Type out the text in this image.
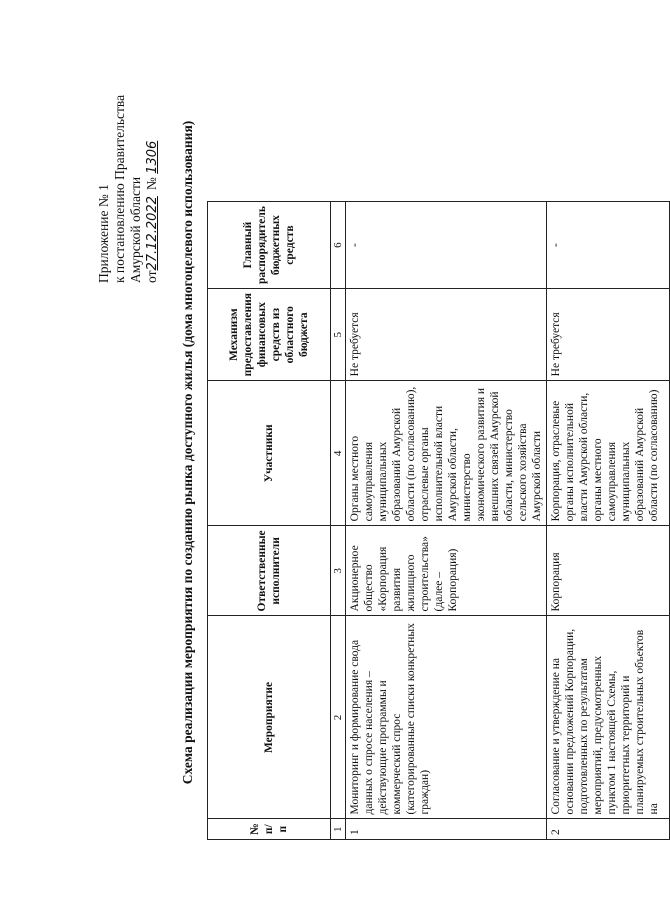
Приложение № 1 к постановлению Правительства Амурской области от27.12.2022№ 1306 Схема реализации мероприятия по созданию рынка доступного жилья (дома многоцелевого использования)
№ п/п	Мероприятие	Ответственные исполнители	Участники	Механизм предоставления финансовых средств из областного бюджета	Главный распорядитель бюджетных средств
1	2	3	4	5	6
1	Мониторинг и формирование свода данных о спросе населения – действующие программы и коммерческий спрос (категорированные списки конкретных граждан)	Акционерное общество «Корпорация развития жилищного строительства» (далее – Корпорация)	Органы местного самоуправления муниципальных образований Амурской области (по согласованию), отраслевые органы исполнительной власти Амурской области, министерство экономического развития и внешних связей Амурской области, министерство сельского хозяйства Амурской области	Не требуется	-
2	Согласование и утверждение на основании предложений Корпорации, подготовленных по результатам мероприятий, предусмотренных пунктом 1 настоящей Схемы, приоритетных территорий и планируемых строительных объектов на	Корпорация	Корпорация, отраслевые органы исполнительной власти Амурской области, органы местного самоуправления муниципальных образований Амурской области (по согласованию)	Не требуется	-
